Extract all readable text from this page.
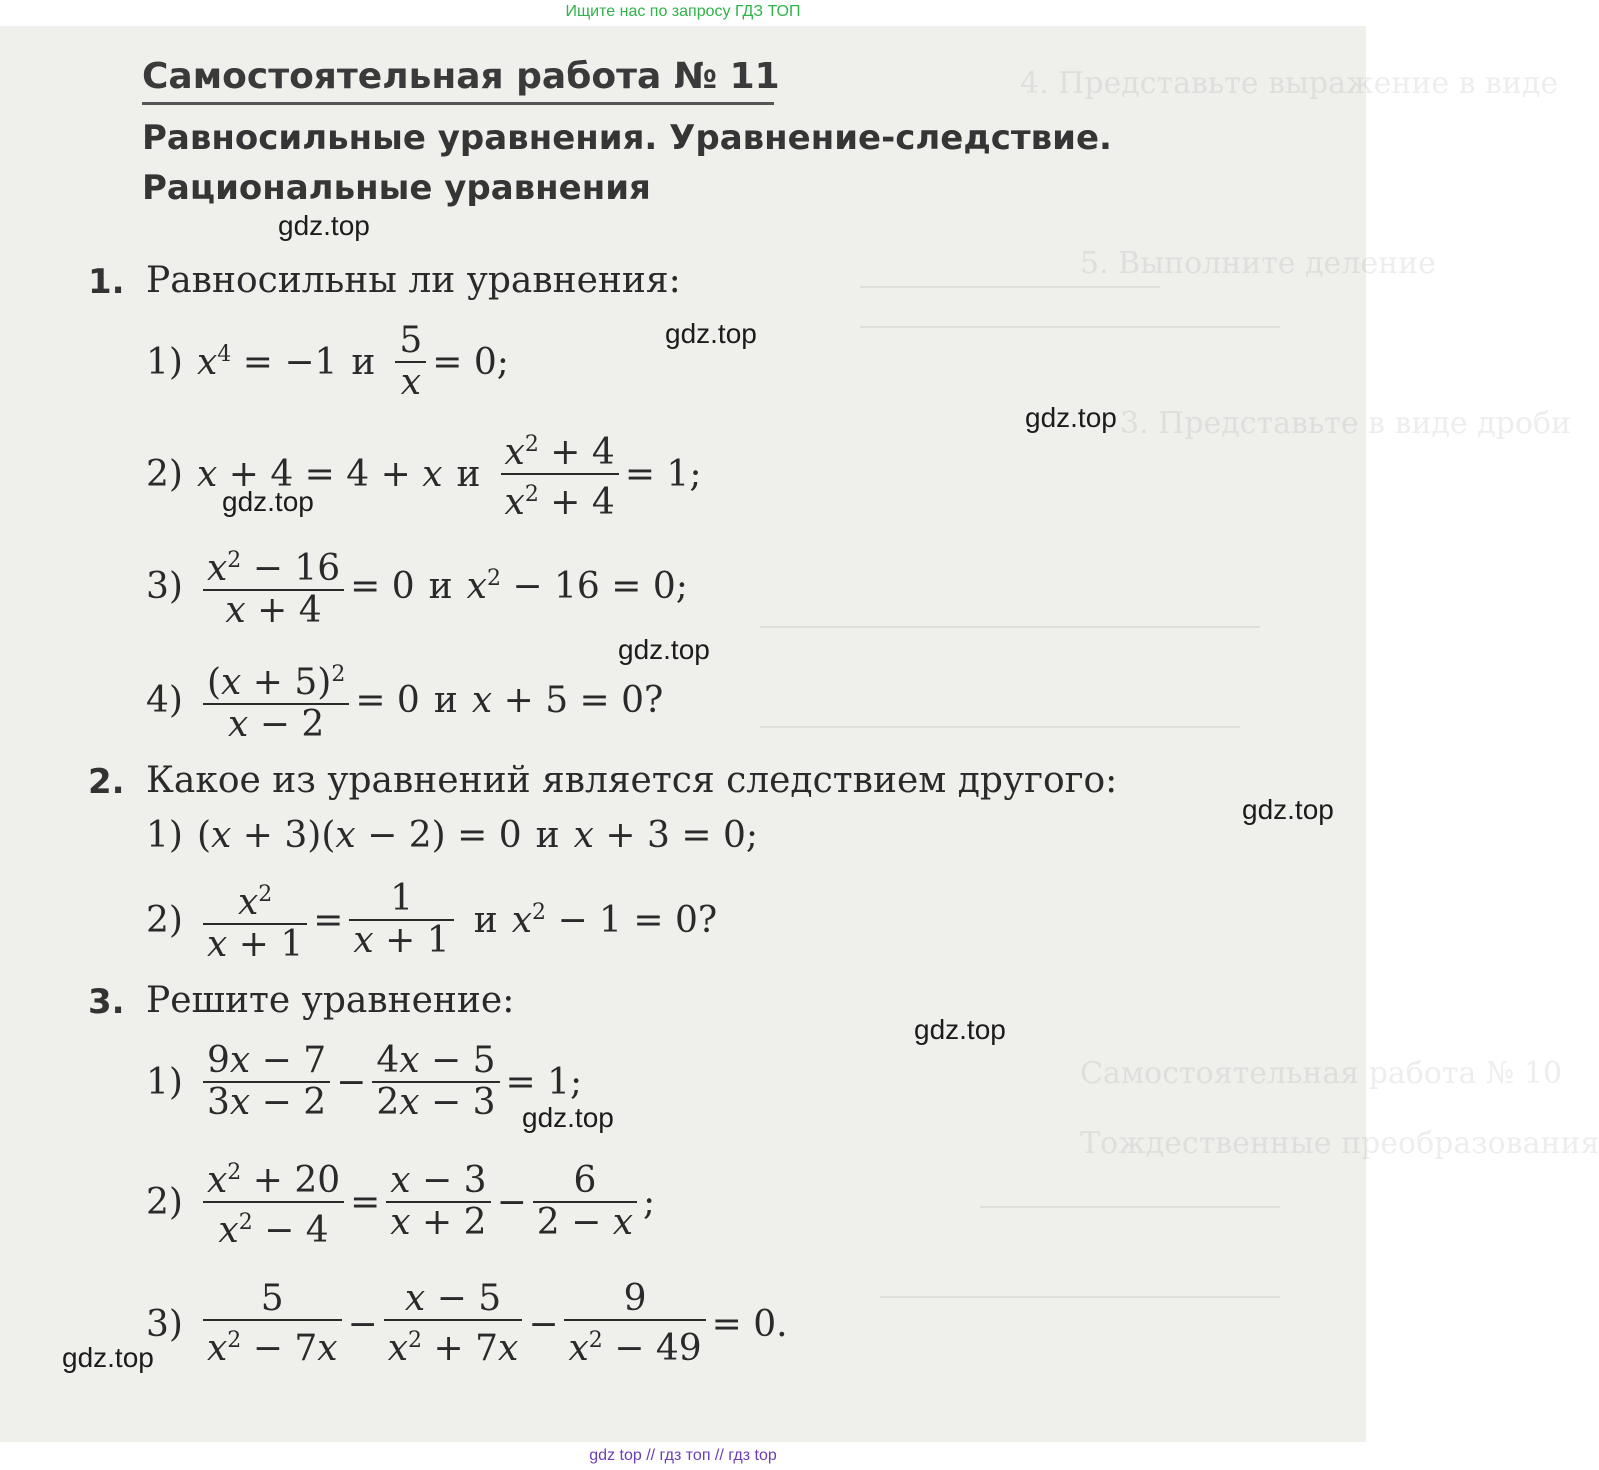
Ищите нас по запросу ГДЗ ТОП
4. Представьте выражение в виде
5. Выполните деление
3. Представьте в виде дроби
Самостоятельная работа № 10
Тождественные преобразования
Самостоятельная работа № 11
Равносильные уравнения. Уравнение-следствие.
Рациональные уравнения
1. Равносильны ли уравнения:
1) $x^4 = -1$ и $\frac{5}{x} = 0$;
2) x + 4 = 4 + x и $\frac{x^2 + 4}{x^2 + 4} = 1$;
$3) \frac{x^2 - 16}{x + 4} = 0$ и $x^2 - 16 = 0$;
$4) \frac{(x + 5)^2}{x - 2} = 0$ и x + 5 = 0?
2. Какое из уравнений является следствием другого:
1) (x + 3)(x − 2) = 0 и x + 3 = 0;
$2) \frac{x^2}{x + 1} = \frac{1}{x + 1}$ и $x^2 - 1 = 0$?
3. Решите уравнение:
$1) \frac{9x - 7}{3x - 2} - \frac{4x - 5}{2x - 3} = 1$;
$2) \frac{x^2 + 20}{x^2 - 4} = \frac{x - 3}{x + 2} - \frac{6}{2 - x}$ ;
$3) \frac{5}{x^2 - 7x} - \frac{x - 5}{x^2 + 7x} - \frac{9}{x^2 - 49} = 0$.
gdz.top
gdz.top
gdz.top
gdz.top
gdz.top
gdz.top
gdz.top
gdz.top
gdz.top
gdz top // гдз топ // гдз top
